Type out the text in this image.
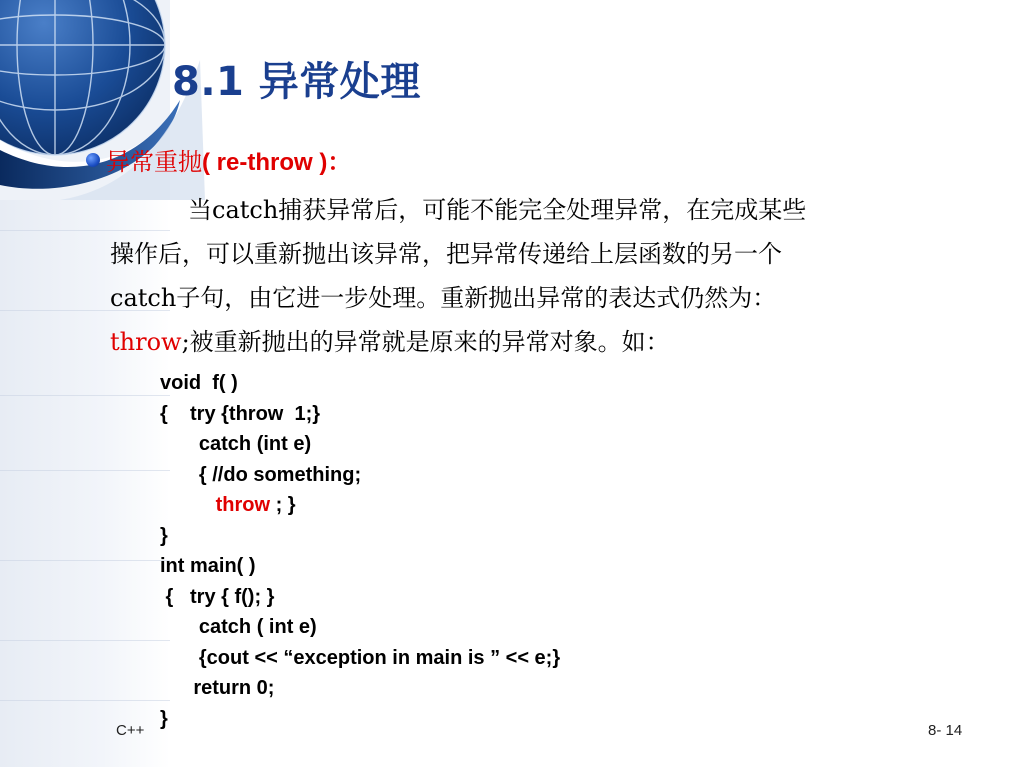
8.1 异常处理
异常重抛( re-throw )：
当catch捕获异常后，可能不能完全处理异常，在完成某些
操作后，可以重新抛出该异常，把异常传递给上层函数的另一个
catch子句，由它进一步处理。重新抛出异常的表达式仍然为：
throw;被重新抛出的异常就是原来的异常对象。如：
void  f( )
{    try {throw  1;}
catch (int e)
{ //do something;
throw ; }
}
int main( )
{   try { f(); }
catch ( int e)
{cout << “exception in main is ” << e;}
return 0;
}
C++	8- 14
